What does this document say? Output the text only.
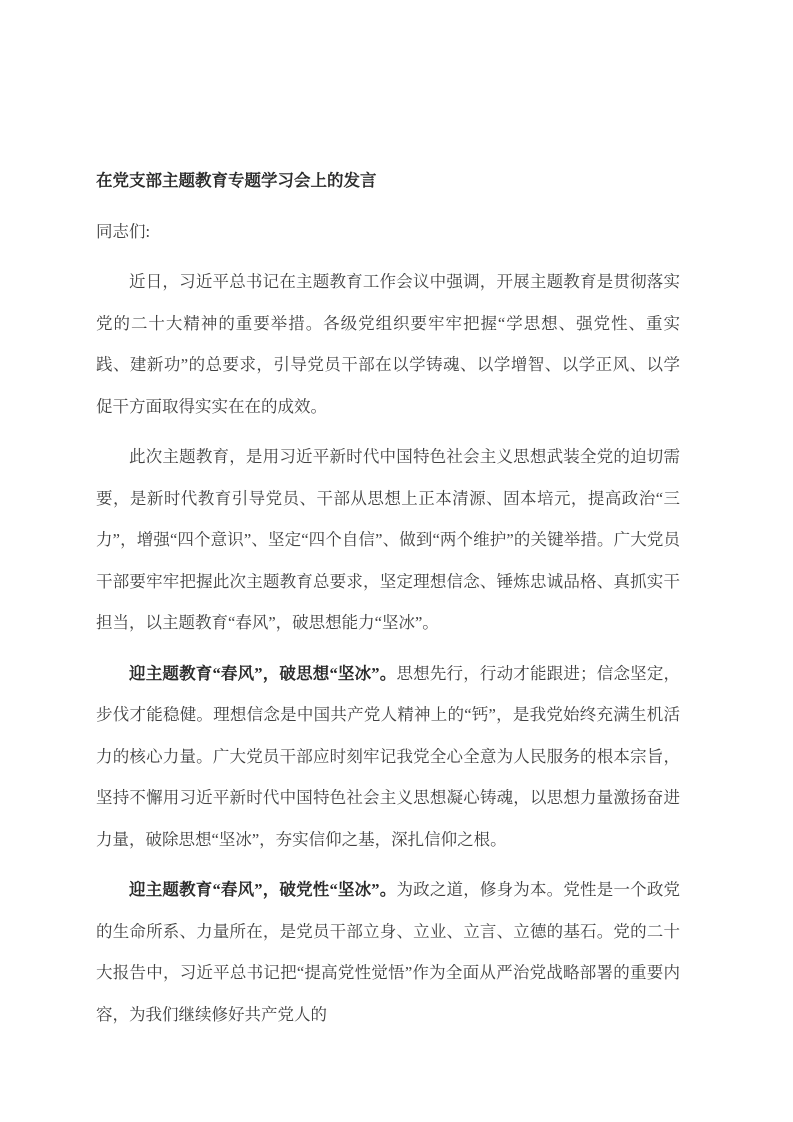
在党支部主题教育专题学习会上的发言

同志们:

近日，习近平总书记在主题教育工作会议中强调，开展主题教育是贯彻落实党的二十大精神的重要举措。各级党组织要牢牢把握“学思想、强党性、重实践、建新功”的总要求，引导党员干部在以学铸魂、以学增智、以学正风、以学促干方面取得实实在在的成效。

此次主题教育，是用习近平新时代中国特色社会主义思想武装全党的迫切需要，是新时代教育引导党员、干部从思想上正本清源、固本培元，提高政治“三力”，增强“四个意识”、坚定“四个自信”、做到“两个维护”的关键举措。广大党员干部要牢牢把握此次主题教育总要求，坚定理想信念、锤炼忠诚品格、真抓实干担当，以主题教育“春风”，破思想能力“坚冰”。

迎主题教育“春风”，破思想“坚冰”。思想先行，行动才能跟进；信念坚定，步伐才能稳健。理想信念是中国共产党人精神上的“钙”，是我党始终充满生机活力的核心力量。广大党员干部应时刻牢记我党全心全意为人民服务的根本宗旨，坚持不懈用习近平新时代中国特色社会主义思想凝心铸魂，以思想力量激扬奋进力量，破除思想“坚冰”，夯实信仰之基，深扎信仰之根。

迎主题教育“春风”，破党性“坚冰”。为政之道，修身为本。党性是一个政党的生命所系、力量所在，是党员干部立身、立业、立言、立德的基石。党的二十大报告中，习近平总书记把“提高党性觉悟”作为全面从严治党战略部署的重要内容，为我们继续修好共产党人的
